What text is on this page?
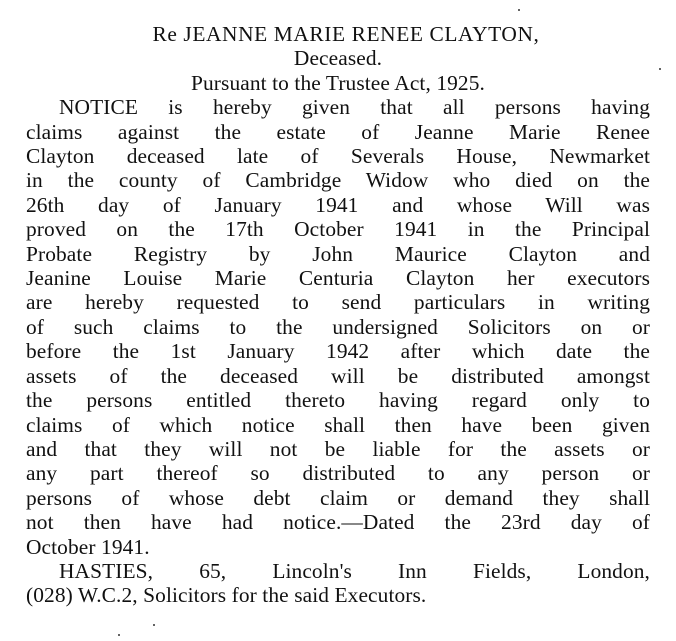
Re JEANNE MARIE RENEE CLAYTON,
Deceased.
Pursuant to the Trustee Act, 1925.
NOTICE is hereby given that all persons having
claims against the estate of Jeanne Marie Renee
Clayton deceased late of Severals House, Newmarket
in the county of Cambridge Widow who died on the
26th day of January 1941 and whose Will was
proved on the 17th October 1941 in the Principal
Probate Registry by John Maurice Clayton and
Jeanine Louise Marie Centuria Clayton her executors
are hereby requested to send particulars in writing
of such claims to the undersigned Solicitors on or
before the 1st January 1942 after which date the
assets of the deceased will be distributed amongst
the persons entitled thereto having regard only to
claims of which notice shall then have been given
and that they will not be liable for the assets or
any part thereof so distributed to any person or
persons of whose debt claim or demand they shall
not then have had notice.—Dated the 23rd day of
October 1941.
HASTIES, 65, Lincoln's Inn Fields, London,
(028) W.C.2, Solicitors for the said Executors.
